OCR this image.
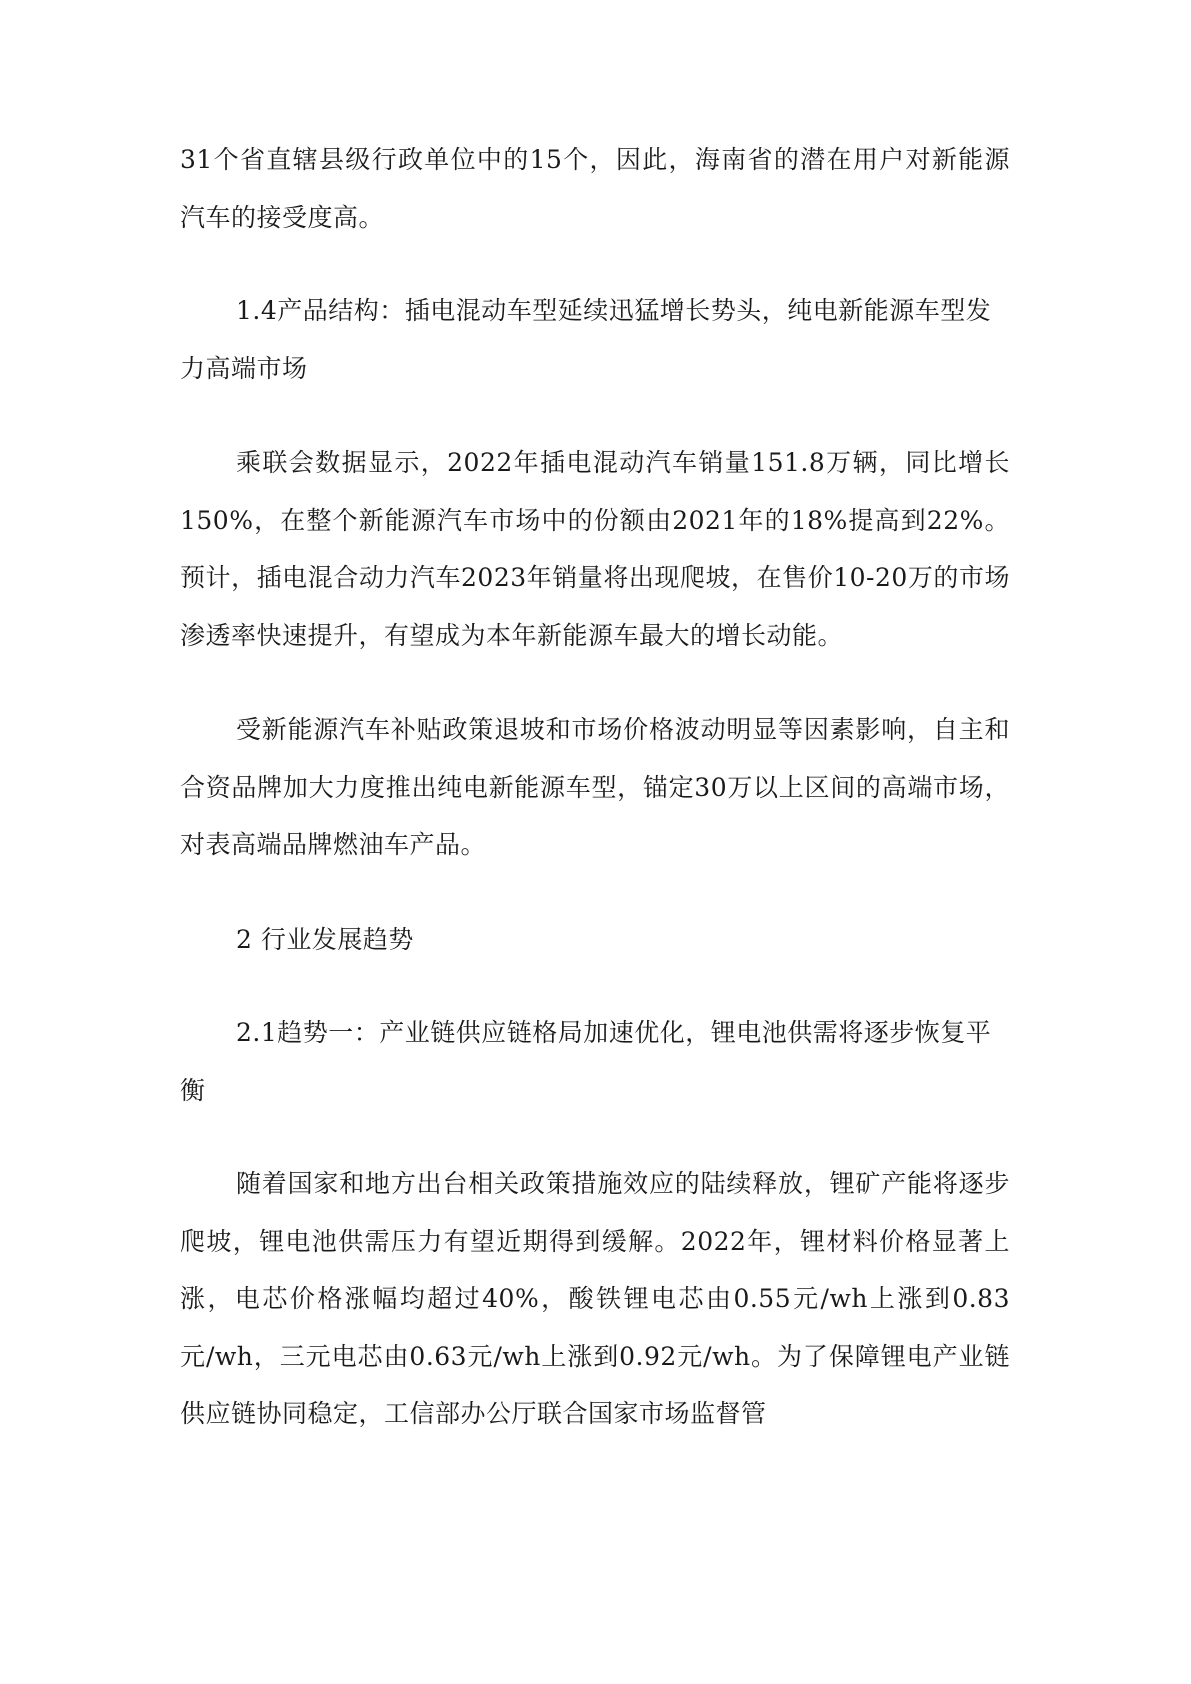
31个省直辖县级行政单位中的15个，因此，海南省的潜在用户对新能源汽车的接受度高。

1.4产品结构：插电混动车型延续迅猛增长势头，纯电新能源车型发力高端市场

乘联会数据显示，2022年插电混动汽车销量151.8万辆，同比增长150%，在整个新能源汽车市场中的份额由2021年的18%提高到22%。预计，插电混合动力汽车2023年销量将出现爬坡，在售价10-20万的市场渗透率快速提升，有望成为本年新能源车最大的增长动能。

受新能源汽车补贴政策退坡和市场价格波动明显等因素影响，自主和合资品牌加大力度推出纯电新能源车型，锚定30万以上区间的高端市场，对表高端品牌燃油车产品。

2 行业发展趋势

2.1趋势一：产业链供应链格局加速优化，锂电池供需将逐步恢复平衡

随着国家和地方出台相关政策措施效应的陆续释放，锂矿产能将逐步爬坡，锂电池供需压力有望近期得到缓解。2022年，锂材料价格显著上涨，电芯价格涨幅均超过40%，酸铁锂电芯由0.55元/wh上涨到0.83元/wh，三元电芯由0.63元/wh上涨到0.92元/wh。为了保障锂电产业链供应链协同稳定，工信部办公厅联合国家市场监督管
